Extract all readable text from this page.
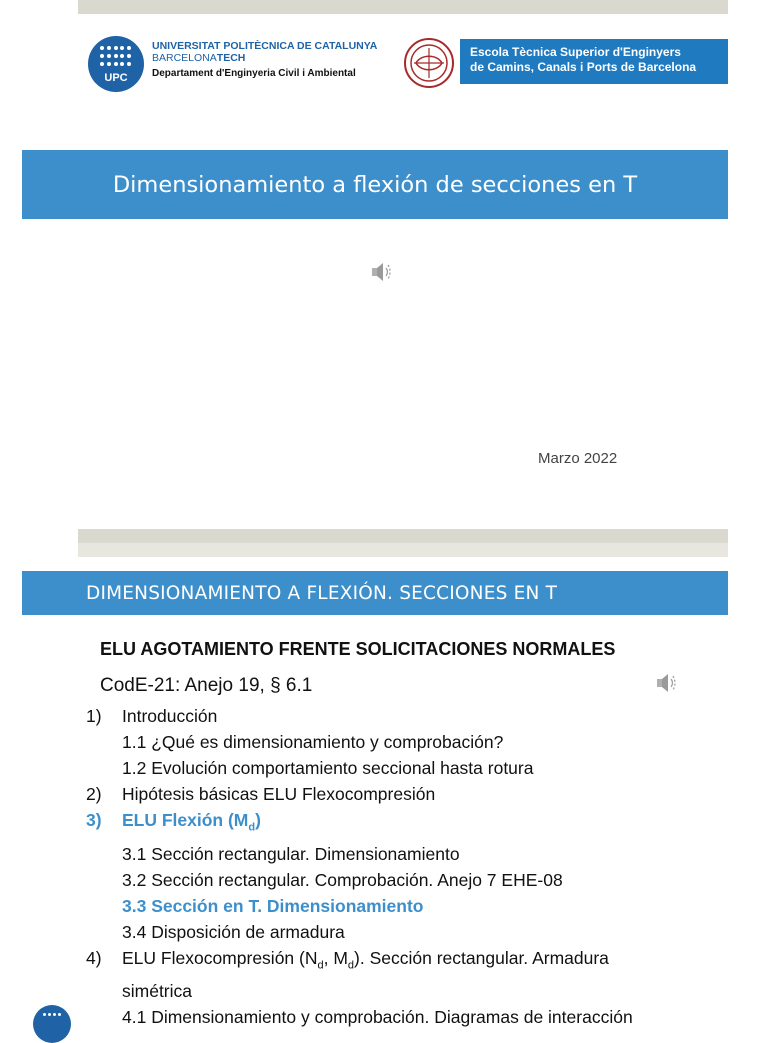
UPC
UNIVERSITAT POLITÈCNICA DE CATALUNYA
BARCELONATECH
Departament d'Enginyeria Civil i Ambiental
Escola Tècnica Superior d'Enginyers
de Camins, Canals i Ports de Barcelona
Dimensionamiento a flexión de secciones en T
Marzo 2022
DIMENSIONAMIENTO A FLEXIÓN. SECCIONES EN T
ELU AGOTAMIENTO FRENTE SOLICITACIONES NORMALES
CodE-21: Anejo 19, § 6.1
1) Introducción
1.1 ¿Qué es dimensionamiento y comprobación?
1.2 Evolución comportamiento seccional hasta rotura
2) Hipótesis básicas ELU Flexocompresión
3) ELU Flexión $(M_d)$
3.1 Sección rectangular. Dimensionamiento
3.2 Sección rectangular. Comprobación. Anejo 7 EHE-08
3.3 Sección en T. Dimensionamiento
3.4 Disposición de armadura
4) ELU Flexocompresión ($N_d$, $M_d$). Sección rectangular. Armadura
simétrica
4.1 Dimensionamiento y comprobación. Diagramas de interacción
